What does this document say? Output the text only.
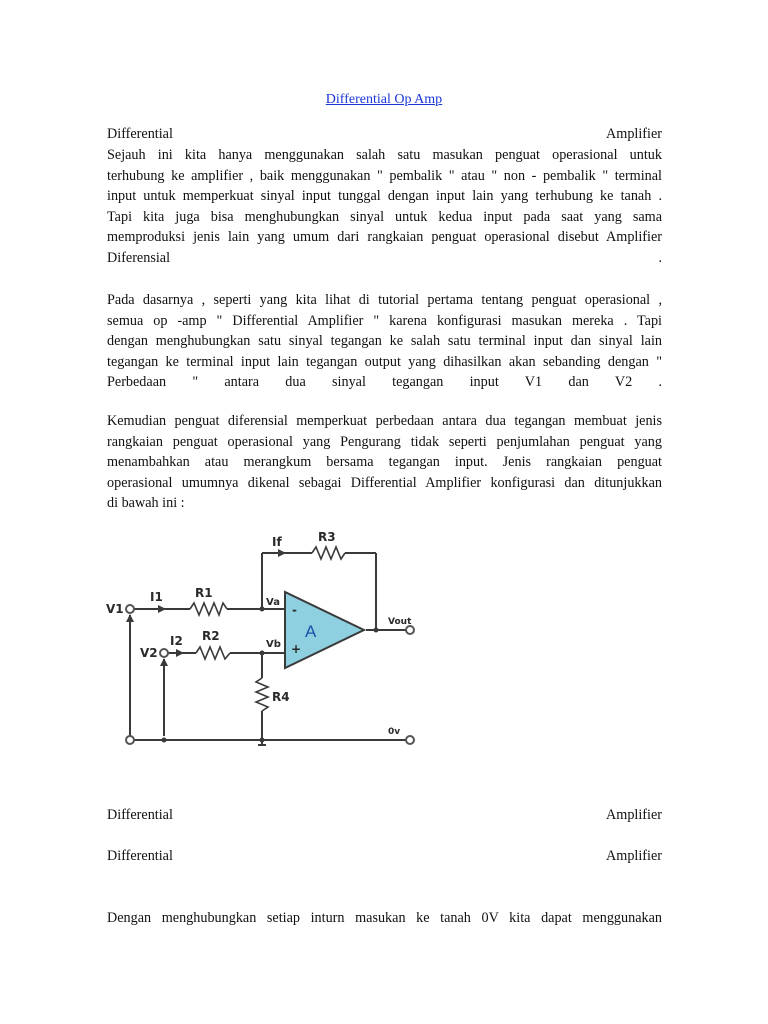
Differential Op Amp
Differential	Amplifier
Sejauh ini kita hanya menggunakan salah satu masukan penguat operasional untuk
terhubung ke amplifier , baik menggunakan " pembalik " atau " non - pembalik " terminal
input untuk memperkuat sinyal input tunggal dengan input lain yang terhubung ke tanah .
Tapi kita juga bisa menghubungkan sinyal untuk kedua input pada saat yang sama
memproduksi jenis lain yang umum dari rangkaian penguat operasional disebut Amplifier
Diferensial	.
Pada dasarnya , seperti yang kita lihat di tutorial pertama tentang penguat operasional ,
semua op -amp " Differential Amplifier " karena konfigurasi masukan mereka . Tapi
dengan menghubungkan satu sinyal tegangan ke salah satu terminal input dan sinyal lain
tegangan ke terminal input lain tegangan output yang dihasilkan akan sebanding dengan "
Perbedaan " antara dua sinyal tegangan input V1 dan V2 .
Kemudian penguat diferensial memperkuat perbedaan antara dua tegangan membuat jenis
rangkaian penguat operasional yang Pengurang tidak seperti penjumlahan penguat yang
menambahkan atau merangkum bersama tegangan input. Jenis rangkaian penguat
operasional umumnya dikenal sebagai Differential Amplifier konfigurasi dan ditunjukkan
di bawah ini :
If	R3
V1
I1	R1
Va
V2
I2 R2
Vb
R4
Vout
0v
A
-
+
Differential	Amplifier
Differential	Amplifier
Dengan menghubungkan setiap inturn masukan ke tanah 0V kita dapat menggunakan
